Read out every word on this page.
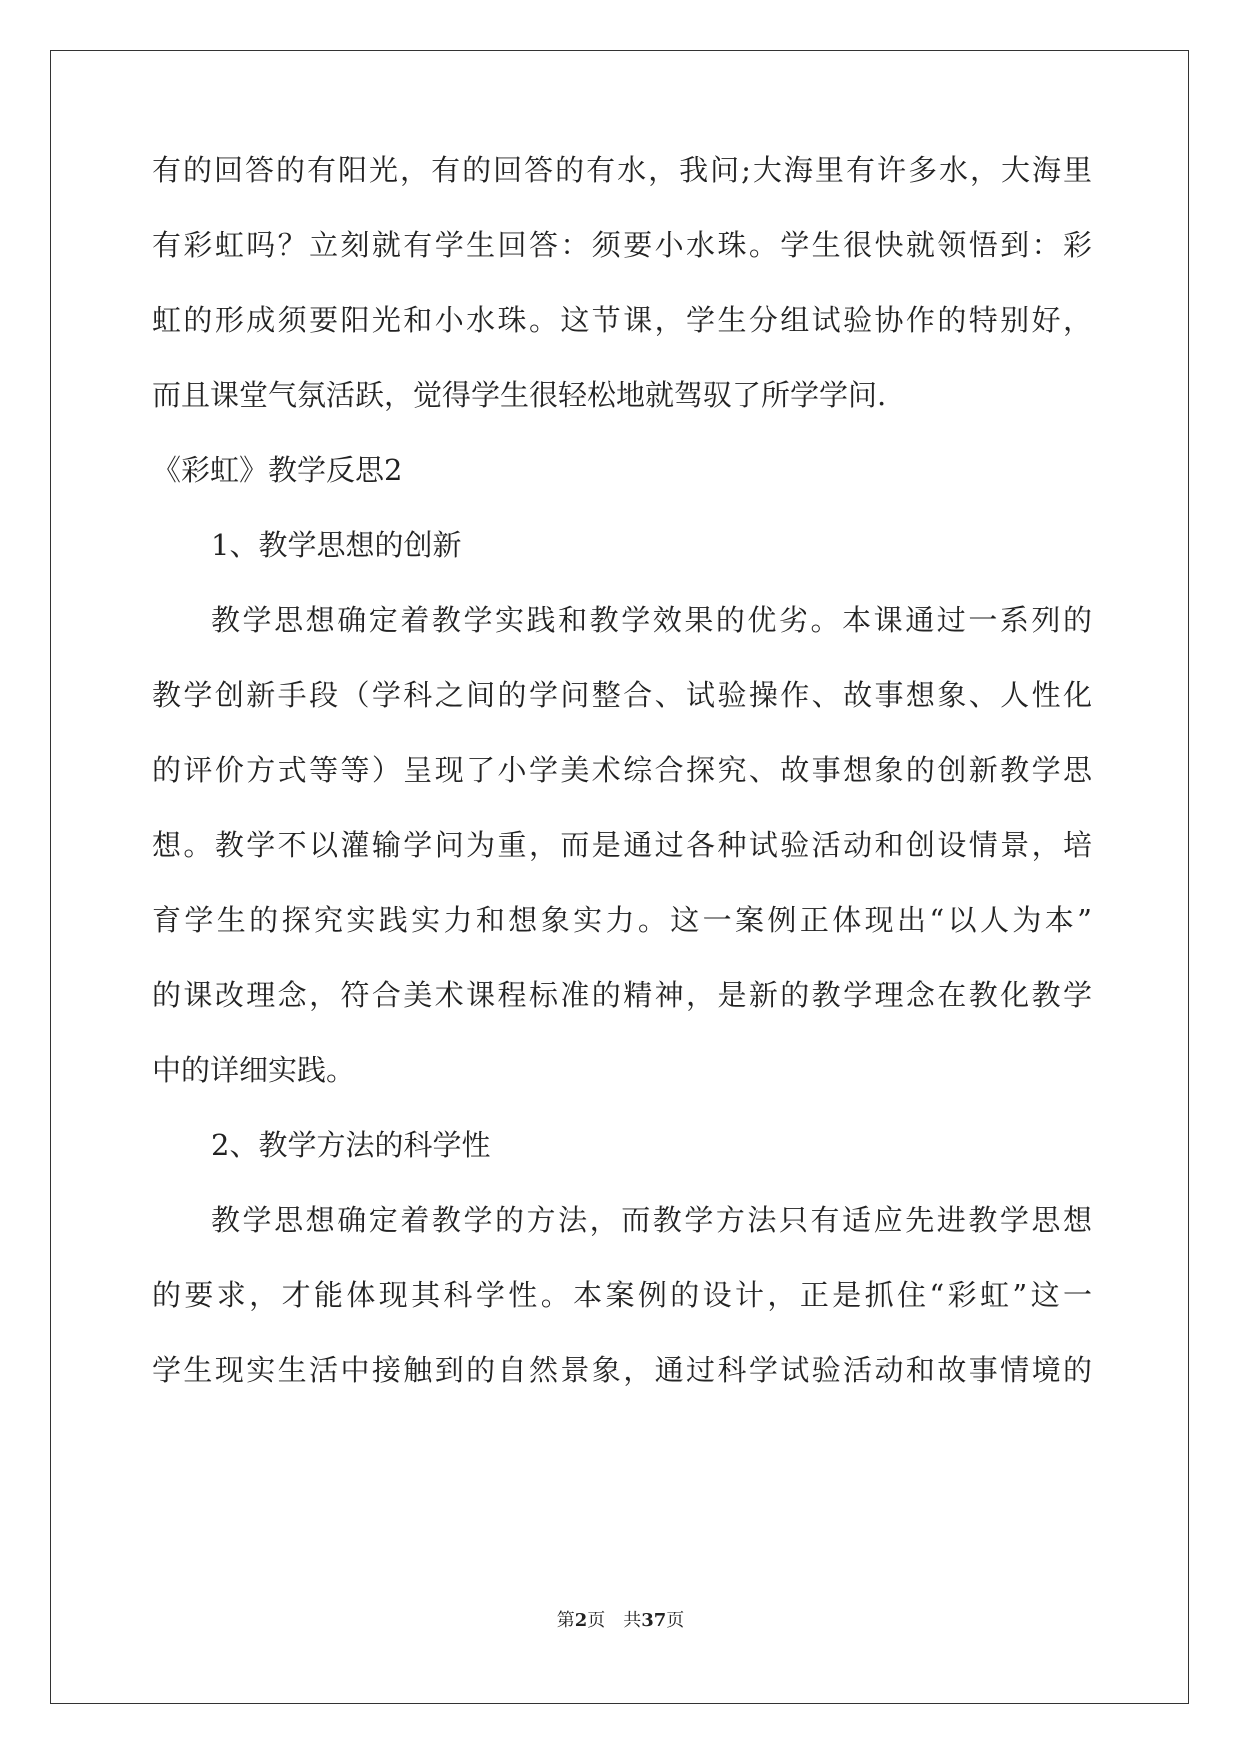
有的回答的有阳光，有的回答的有水，我问;大海里有许多水，大海里
有彩虹吗？立刻就有学生回答：须要小水珠。学生很快就领悟到：彩
虹的形成须要阳光和小水珠。这节课，学生分组试验协作的特别好，
而且课堂气氛活跃，觉得学生很轻松地就驾驭了所学学问.
《彩虹》教学反思2
1、教学思想的创新
教学思想确定着教学实践和教学效果的优劣。本课通过一系列的
教学创新手段（学科之间的学问整合、试验操作、故事想象、人性化
的评价方式等等）呈现了小学美术综合探究、故事想象的创新教学思
想。教学不以灌输学问为重，而是通过各种试验活动和创设情景，培
育学生的探究实践实力和想象实力。这一案例正体现出“以人为本”
的课改理念，符合美术课程标准的精神，是新的教学理念在教化教学
中的详细实践。
2、教学方法的科学性
教学思想确定着教学的方法，而教学方法只有适应先进教学思想
的要求，才能体现其科学性。本案例的设计，正是抓住“彩虹”这一
学生现实生活中接触到的自然景象，通过科学试验活动和故事情境的
第2页　共37页
